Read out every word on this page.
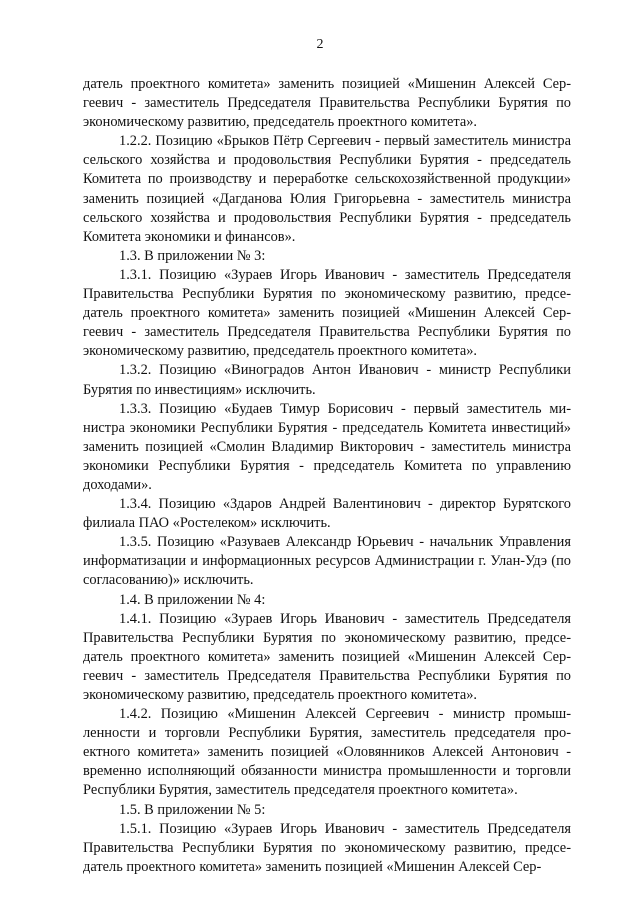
2

датель проектного комитета» заменить позицией «Мишенин Алексей Сергеевич - заместитель Председателя Правительства Республики Бурятия по экономическому развитию, председатель проектного комитета».

1.2.2. Позицию «Брыков Пётр Сергеевич - первый заместитель министра сельского хозяйства и продовольствия Республики Бурятия - председатель Комитета по производству и переработке сельскохозяйственной продукции» заменить позицией «Дагданова Юлия Григорьевна - заместитель министра сельского хозяйства и продовольствия Республики Бурятия - председатель Комитета экономики и финансов».

1.3. В приложении № 3:

1.3.1. Позицию «Зураев Игорь Иванович - заместитель Председателя Правительства Республики Бурятия по экономическому развитию, председатель проектного комитета» заменить позицией «Мишенин Алексей Сергеевич - заместитель Председателя Правительства Республики Бурятия по экономическому развитию, председатель проектного комитета».

1.3.2. Позицию «Виноградов Антон Иванович - министр Республики Бурятия по инвестициям» исключить.

1.3.3. Позицию «Будаев Тимур Борисович - первый заместитель министра экономики Республики Бурятия - председатель Комитета инвестиций» заменить позицией «Смолин Владимир Викторович - заместитель министра экономики Республики Бурятия - председатель Комитета по управлению доходами».

1.3.4. Позицию «Здаров Андрей Валентинович - директор Бурятского филиала ПАО «Ростелеком» исключить.

1.3.5. Позицию «Разуваев Александр Юрьевич - начальник Управления информатизации и информационных ресурсов Администрации г. Улан-Удэ (по согласованию)» исключить.

1.4. В приложении № 4:

1.4.1. Позицию «Зураев Игорь Иванович - заместитель Председателя Правительства Республики Бурятия по экономическому развитию, председатель проектного комитета» заменить позицией «Мишенин Алексей Сергеевич - заместитель Председателя Правительства Республики Бурятия по экономическому развитию, председатель проектного комитета».

1.4.2. Позицию «Мишенин Алексей Сергеевич - министр промышленности и торговли Республики Бурятия, заместитель председателя проектного комитета» заменить позицией «Оловянников Алексей Антонович - временно исполняющий обязанности министра промышленности и торговли Республики Бурятия, заместитель председателя проектного комитета».

1.5. В приложении № 5:

1.5.1. Позицию «Зураев Игорь Иванович - заместитель Председателя Правительства Республики Бурятия по экономическому развитию, председатель проектного комитета» заменить позицией «Мишенин Алексей Сер-
